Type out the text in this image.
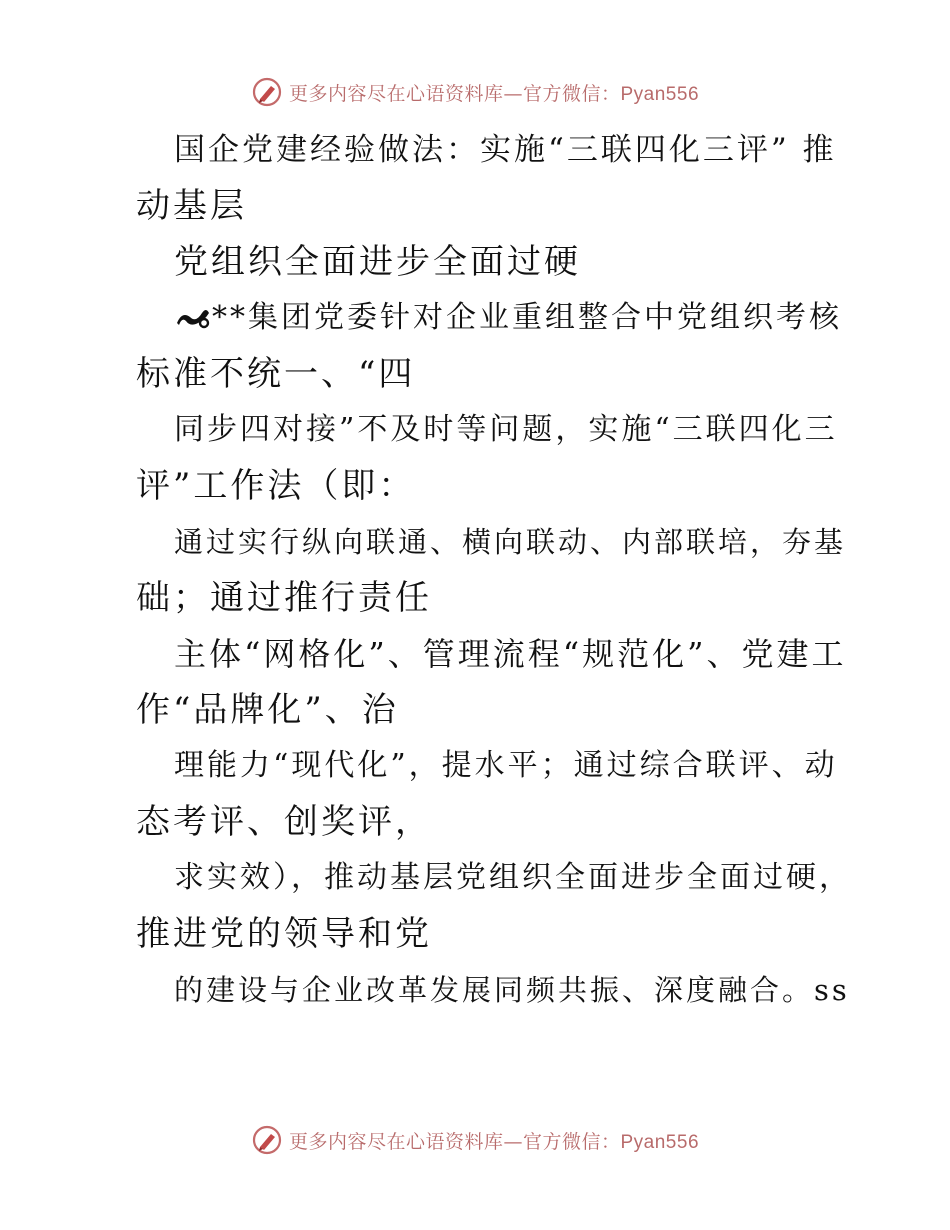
更多内容尽在心语资料库—官方微信：Pyan556
国企党建经验做法：实施“三联四化三评” 推
动基层
党组织全面进步全面过硬
**集团党委针对企业重组整合中党组织考核
标准不统一、“四
同步四对接”不及时等问题，实施“三联四化三
评”工作法（即：
通过实行纵向联通、横向联动、内部联培，夯基
础；通过推行责任
主体“网格化”、管理流程“规范化”、党建工
作“品牌化”、治
理能力“现代化”，提水平；通过综合联评、动
态考评、创奖评，
求实效），推动基层党组织全面进步全面过硬，
推进党的领导和党
的建设与企业改革发展同频共振、深度融合。ss
更多内容尽在心语资料库—官方微信：Pyan556
